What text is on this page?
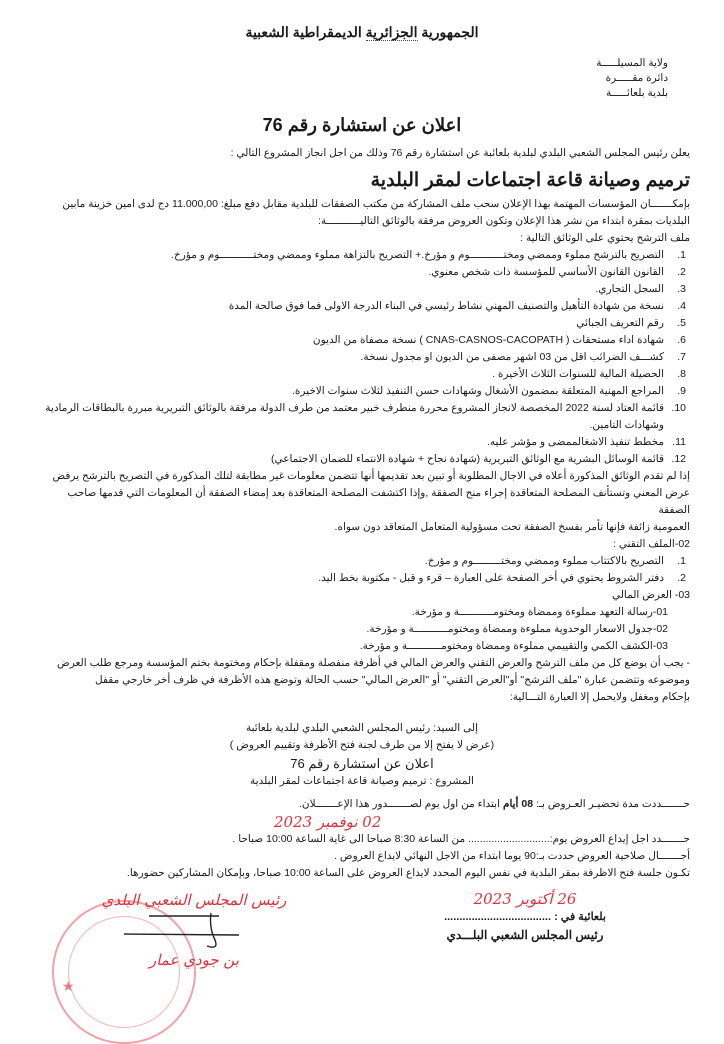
★
الجمهورية الجزائرية الديمقراطية الشعبية

ولاية المسيلـــــة

دائرة مقـــــرة

بلدية بلعائـــــة

اعلان عن استشارة رقم 76

يعلن رئيس المجلس الشعبي البلدي لبلدية بلعائبة عن استشارة رقم 76 وذلك من اجل انجاز المشروع التالي :

ترميم وصيانة قاعة اجتماعات لمقر البلدية

بإمكـــــــان المؤسسات المهتمة بهذا الإعلان سحب ملف المشاركة من مكتب الصفقات للبلدية مقابل دفع مبلغ: 11.000,00 دج لدى امين خزينة مابين

البلديات بمقرة ابتداء من نشر هذا الإعلان وتكون العروض مرفقة بالوثائق التاليـــــــــــة:

ملف الترشح يحتوي على الوثائق التالية :

1.التصريح بالترشح مملوء وممضي ومختـــــــــــوم و مؤرخ.+ التصريح بالنزاهة مملوء وممضي ومختـــــــــــوم و مؤرخ.

2.القانون القانون الأساسي للمؤسسة ذات شخص معنوي.

3.السجل التجاري.

4.نسخة من شهادة التأهيل والتصنيف المهني نشاط رئيسي في البناء الدرجة الاولى فما فوق صالحة المدة

5.رقم التعريف الجبائي

6.شهادة اداء مستحقات ( CNAS-CASNOS-CACOPATH ) نسخة مصفاة من الديون

7.كشـــف الضرائب اقل من 03 اشهر مصفى من الديون او مجدول نسخة.

8.الحصيلة المالية للسنوات الثلاث الأخيرة .

9.المراجع المهنية المتعلقة بمضمون الأشغال وشهادات حسن التنفيذ لثلاث سنوات الاخيرة.

10.قائمة العتاد لسنة 2022 المخصصة لانجاز المشروع محررة منطرف خبير معتمد من طرف الدولة مرفقة بالوثائق التبريرية مبررة بالبطاقات الرمادية

وشهادات التامين.

11.مخطط تنفيذ الاشغالممضى و مؤشر عليه.

12.قائمة الوسائل البشرية مع الوثائق التبريرية (شهادة نجاح + شهادة الانتماء للضمان الاجتماعي)

إذا لم تقدم الوثائق المذكورة أعلاه في الاجال المطلوبة أو تبين بعد تقديمها أنها تتضمن معلومات غير مطابقة لتلك المذكورة في التصريح بالترشح يرفض

عرض المعني وتستأنف المصلحة المتعاقدة إجراء منح الصفقة ,وإذا اكتشفت المصلحة المتعاقدة بعد إمضاء الصفقة أن المعلومات التي قدمها صاحب الصفقة

العمومية زائفة فإنها تأمر بفسخ الصفقة تحت مسؤولية المتعامل المتعاقد دون سواه.

02-الملف التقني :

1.التصريح بالاكتتاب مملوء وممضي ومختـــــــــوم و مؤرخ.

2.دفتر الشروط يحتوي في أخر الصفحة على العبارة – قرء و قبل - مكتوبة بخط اليد.

03- العرض المالي

01-رسالة التعهد مملوءة وممضاة ومختومـــــــــــة و مؤرخة.

02-جدول الاسعار الوحدوية مملوءة وممضاة ومختومـــــــــــة و مؤرخة.

03-الكشف الكمي والتقييمي مملوءة وممضاة ومختومـــــــــــة و مؤرخة.

- يجب أن يوضع كل من ملف الترشح والعرض التقني والعرض المالي في أظرفة منفصلة ومقفلة بإحكام ومختومة بختم المؤسسة ومرجع طلب العرض

وموضوعه وتتضمن عبارة "ملف الترشح" أو"العرض التقني" أو "العرض المالي" حسب الحالة وتوضع هذه الأظرفة في ظرف أخر خارجي مقفل

بإحكام ومغفل ولايحمل إلا العبارة التـــالية:

إلى السيد: رئيس المجلس الشعبي البلدي لبلدية بلعائبة

(عرض لا يفتح إلا من طرف لجنة فتح الأظرفة وتقييم العروض )

اعلان عن استشارة رقم 76

المشروع : ترميم وصيانة قاعة اجتماعات لمقر البلدية

حـــــــددت مدة تحضيـر العـروض بـ: 08 أيام ابتداء من اول يوم لصـــــــدور هذا الإعـــــــلان.

02 نوفمبر 2023

حـــــــدد اجل إيداع العروض يوم:............................ من الساعة 8:30 صباحا الى غاية الساعة 10:00 صباحا .

أجـــــــال صلاحية العروض حددت بـ:90 يوما ابتداء من الاجل النهائي لايداع العروض .

تكـون جلسة فتح الاظرفة بمقر البلدية في نفس اليوم المحدد لايداع العروض على الساعة 10:00 صباحا، وبإمكان المشاركين حضورها.

26 أكتوبر 2023

بلعائبة في : ...................................

رئيس المجلس الشعبي البلـــدي

رئيس المجلس الشعبي البلدي

بن جودي عمار
